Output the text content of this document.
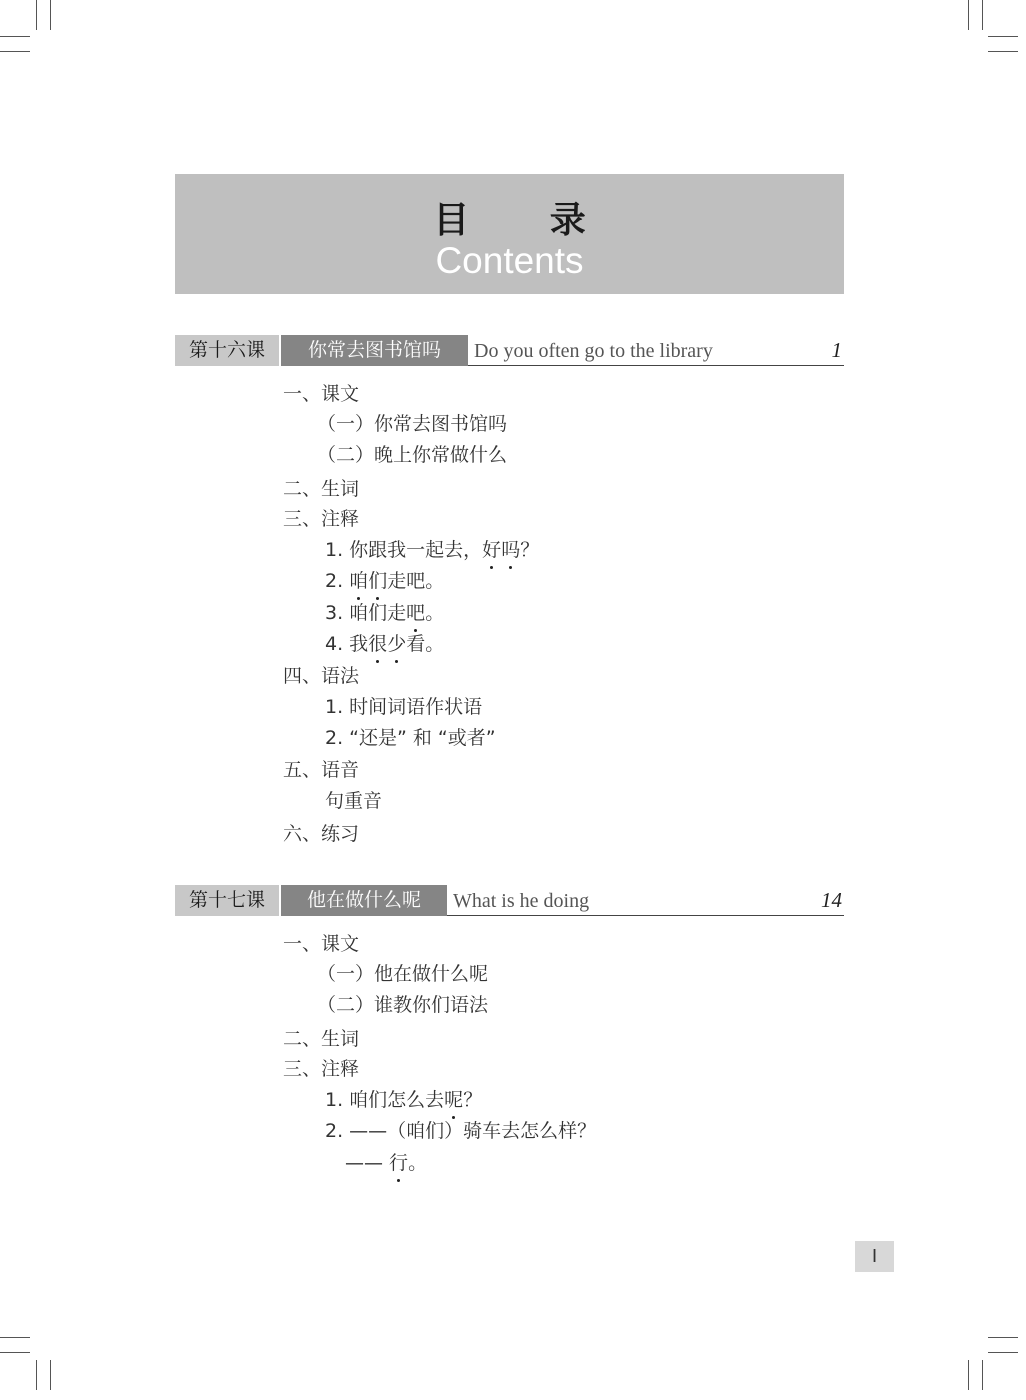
目 录
Contents
第十六课	你常去图书馆吗	Do you often go to the library	1
一、课文
（一）你常去图书馆吗
（二）晚上你常做什么
二、生词
三、注释
1. 你跟我一起去，好吗？
2. 咱们走吧。
3. 咱们走吧。
4. 我很少看。
四、语法
1. 时间词语作状语
2. “还是” 和 “或者”
五、语音
句重音
六、练习
第十七课	他在做什么呢	What is he doing	14
一、课文
（一）他在做什么呢
（二）谁教你们语法
二、生词
三、注释
1. 咱们怎么去呢？
2. ——（咱们）骑车去怎么样？
—— 行。
I
